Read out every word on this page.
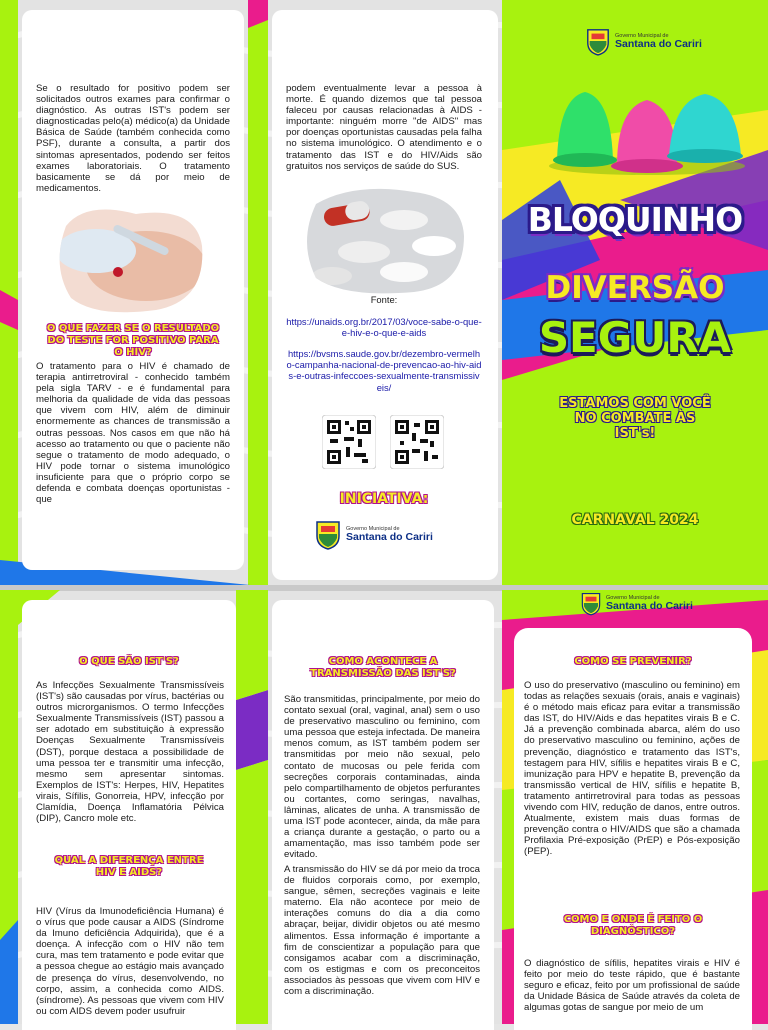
Se o resultado for positivo podem ser solicitados outros exames para confirmar o diagnóstico. As outras IST's podem ser diagnosticadas pelo(a) médico(a) da Unidade Básica de Saúde (também conhecida como PSF), durante a consulta, a partir dos sintomas apresentados, podendo ser feitos exames laboratoriais. O tratamento basicamente se dá por meio de medicamentos.

O QUE FAZER SE O RESULTADO DO TESTE FOR POSITIVO PARA O HIV?

O tratamento para o HIV é chamado de terapia antirretroviral - conhecido também pela sigla TARV - e é fundamental para melhoria da qualidade de vida das pessoas que vivem com HIV, além de diminuir enormemente as chances de transmissão a outras pessoas. Nos casos em que não há acesso ao tratamento ou que o paciente não segue o tratamento de modo adequado, o HIV pode tornar o sistema imunológico insuficiente para que o próprio corpo se defenda e combata doenças oportunistas - que

podem eventualmente levar a pessoa à morte. É quando dizemos que tal pessoa faleceu por causas relacionadas à AIDS - importante: ninguém morre "de AIDS" mas por doenças oportunistas causadas pela falha no sistema imunológico. O atendimento e o tratamento das IST e do HIV/Aids são gratuitos nos serviços de saúde do SUS.

Fonte:

https://unaids.org.br/2017/03/voce-sabe-o-que-e-hiv-e-o-que-e-aids

https://bvsms.saude.gov.br/dezembro-vermelho-campanha-nacional-de-prevencao-ao-hiv-aids-e-outras-infeccoes-sexualmente-transmissiveis/

INICIATIVA:

Governo Municipal de
Santana do Cariri
Governo Municipal de
Santana do Cariri
BLOQUINHO
DIVERSÃO
SEGURA
ESTAMOS COM VOCÊ
NO COMBATE ÀS
IST's!
CARNAVAL 2024

O QUE SÃO IST'S?

As Infecções Sexualmente Transmissíveis (IST's) são causadas por vírus, bactérias ou outros microrganismos. O termo Infecções Sexualmente Transmissíveis (IST) passou a ser adotado em substituição à expressão Doenças Sexualmente Transmissíveis (DST), porque destaca a possibilidade de uma pessoa ter e transmitir uma infecção, mesmo sem apresentar sintomas. Exemplos de IST's: Herpes, HIV, Hepatites virais, Sífilis, Gonorreia, HPV, infecção por Clamídia, Doença Inflamatória Pélvica (DIP), Cancro mole etc.

QUAL A DIFERENÇA ENTRE HIV E AIDS?

HIV (Vírus da Imunodeficiência Humana) é o vírus que pode causar a AIDS (Síndrome da Imuno deficiência Adquirida), que é a doença. A infecção com o HIV não tem cura, mas tem tratamento e pode evitar que a pessoa chegue ao estágio mais avançado de presença do vírus, desenvolvendo, no corpo, assim, a conhecida como AIDS. (síndrome). As pessoas que vivem com HIV ou com AIDS devem poder usufruir

COMO ACONTECE A TRANSMISSÃO DAS IST'S?

São transmitidas, principalmente, por meio do contato sexual (oral, vaginal, anal) sem o uso de preservativo masculino ou feminino, com uma pessoa que esteja infectada. De maneira menos comum, as IST também podem ser transmitidas por meio não sexual, pelo contato de mucosas ou pele ferida com secreções corporais contaminadas, ainda pelo compartilhamento de objetos perfurantes ou cortantes, como seringas, navalhas, lâminas, alicates de unha. A transmissão de uma IST pode acontecer, ainda, da mãe para a criança durante a gestação, o parto ou a amamentação, mas isso também pode ser evitado.

A transmissão do HIV se dá por meio da troca de fluidos corporais como, por exemplo, sangue, sêmen, secreções vaginais e leite materno. Ela não acontece por meio de interações comuns do dia a dia como abraçar, beijar, dividir objetos ou até mesmo alimentos. Essa informação é importante a fim de conscientizar a população para que consigamos acabar com a discriminação, com os estigmas e com os preconceitos associados às pessoas que vivem com HIV e com a discriminação.

Governo Municipal de
Santana do Cariri

COMO SE PREVENIR?

O uso do preservativo (masculino ou feminino) em todas as relações sexuais (orais, anais e vaginais) é o método mais eficaz para evitar a transmissão das IST, do HIV/Aids e das hepatites virais B e C. Já a prevenção combinada abarca, além do uso do preservativo masculino ou feminino, ações de prevenção, diagnóstico e tratamento das IST's, testagem para HIV, sífilis e hepatites virais B e C, imunização para HPV e hepatite B, prevenção da transmissão vertical de HIV, sífilis e hepatite B, tratamento antirretroviral para todas as pessoas vivendo com HIV, redução de danos, entre outros. Atualmente, existem mais duas formas de prevenção contra o HIV/AIDS que são a chamada Profilaxia Pré-exposição (PrEP) e Pós-exposição (PEP).

COMO E ONDE É FEITO O DIAGNÓSTICO?

O diagnóstico de sífilis, hepatites virais e HIV é feito por meio do teste rápido, que é bastante seguro e eficaz, feito por um profissional de saúde da Unidade Básica de Saúde através da coleta de algumas gotas de sangue por meio de um
